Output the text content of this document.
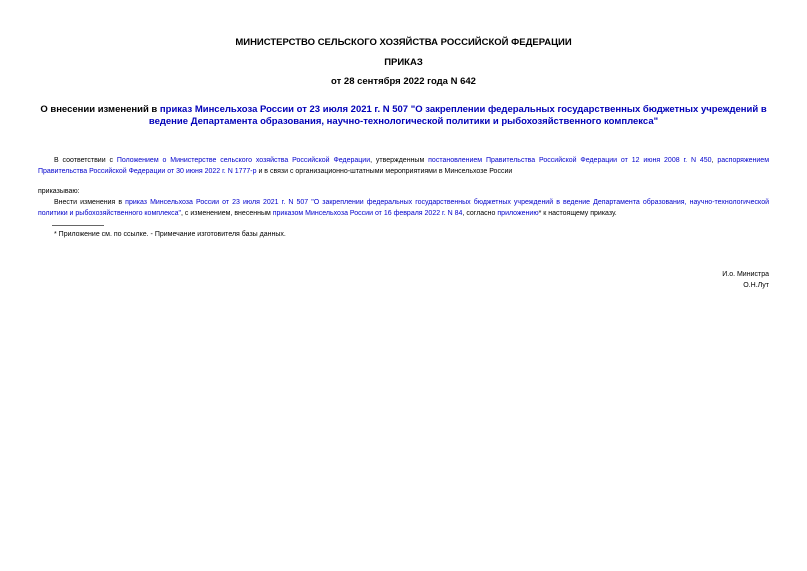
МИНИСТЕРСТВО СЕЛЬСКОГО ХОЗЯЙСТВА РОССИЙСКОЙ ФЕДЕРАЦИИ
ПРИКАЗ
от 28 сентября 2022 года N 642
О внесении изменений в приказ Минсельхоза России от 23 июля 2021 г. N 507 "О закреплении федеральных государственных бюджетных учреждений в ведение Департамента образования, научно-технологической политики и рыбохозяйственного комплекса"
В соответствии с Положением о Министерстве сельского хозяйства Российской Федерации, утвержденным постановлением Правительства Российской Федерации от 12 июня 2008 г. N 450, распоряжением Правительства Российской Федерации от 30 июня 2022 г. N 1777-р и в связи с организационно-штатными мероприятиями в Минсельхозе России
приказываю:
Внести изменения в приказ Минсельхоза России от 23 июля 2021 г. N 507 "О закреплении федеральных государственных бюджетных учреждений в ведение Департамента образования, научно-технологической политики и рыбохозяйственного комплекса", с изменением, внесенным приказом Минсельхоза России от 16 февраля 2022 г. N 84, согласно приложению* к настоящему приказу.
* Приложение см. по ссылке. - Примечание изготовителя базы данных.
И.о. Министра
О.Н.Лут
